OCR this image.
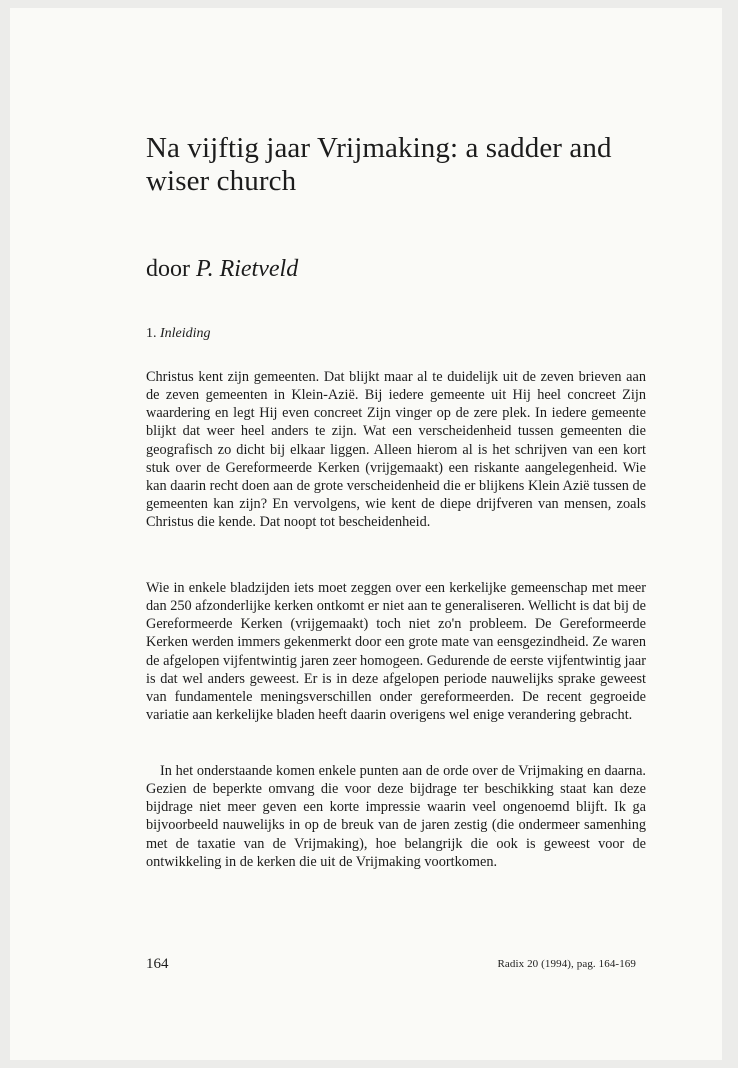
Na vijftig jaar Vrijmaking: a sadder and wiser church
door P. Rietveld

1. Inleiding

Christus kent zijn gemeenten. Dat blijkt maar al te duidelijk uit de zeven brieven aan de zeven gemeenten in Klein-Azië. Bij iedere gemeente uit Hij heel concreet Zijn waardering en legt Hij even concreet Zijn vinger op de zere plek. In iedere gemeente blijkt dat weer heel anders te zijn. Wat een verscheidenheid tussen gemeenten die geografisch zo dicht bij elkaar liggen. Alleen hierom al is het schrijven van een kort stuk over de Gereformeerde Kerken (vrijgemaakt) een riskante aangelegenheid. Wie kan daarin recht doen aan de grote verscheidenheid die er blijkens Klein Azië tussen de gemeenten kan zijn? En vervolgens, wie kent de diepe drijfveren van mensen, zoals Christus die kende. Dat noopt tot bescheidenheid.

Wie in enkele bladzijden iets moet zeggen over een kerkelijke gemeenschap met meer dan 250 afzonderlijke kerken ontkomt er niet aan te generaliseren. Wellicht is dat bij de Gereformeerde Kerken (vrijgemaakt) toch niet zo'n probleem. De Gereformeerde Kerken werden immers gekenmerkt door een grote mate van eensgezindheid. Ze waren de afgelopen vijfentwintig jaren zeer homogeen. Gedurende de eerste vijfentwintig jaar is dat wel anders geweest. Er is in deze afgelopen periode nauwelijks sprake geweest van fundamentele meningsverschillen onder gereformeerden. De recent gegroeide variatie aan kerkelijke bladen heeft daarin overigens wel enige verandering gebracht.

In het onderstaande komen enkele punten aan de orde over de Vrijmaking en daarna. Gezien de beperkte omvang die voor deze bijdrage ter beschikking staat kan deze bijdrage niet meer geven een korte impressie waarin veel ongenoemd blijft. Ik ga bijvoorbeeld nauwelijks in op de breuk van de jaren zestig (die ondermeer samenhing met de taxatie van de Vrijmaking), hoe belangrijk die ook is geweest voor de ontwikkeling in de kerken die uit de Vrijmaking voortkomen.

164	Radix 20 (1994), pag. 164-169
